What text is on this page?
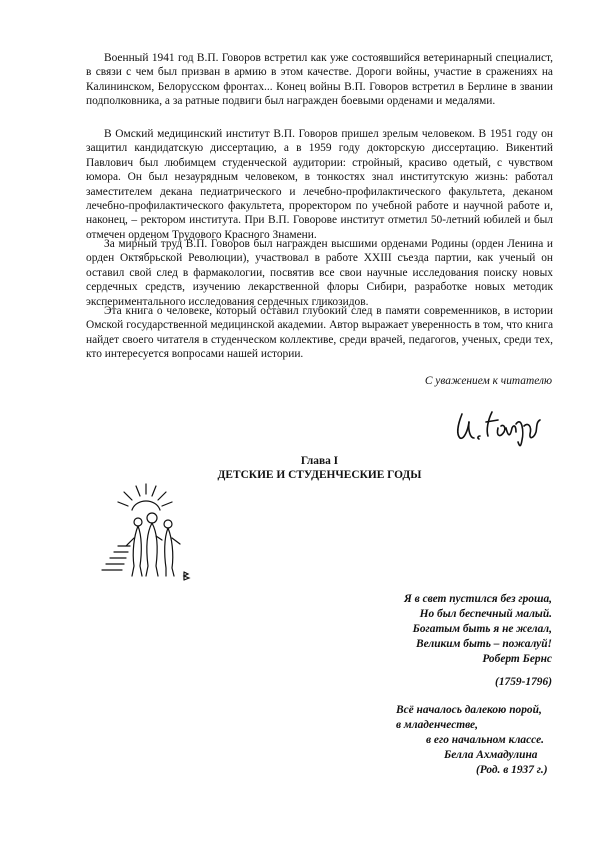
Военный 1941 год В.П. Говоров встретил как уже состоявшийся ветеринарный специалист, в связи с чем был призван в армию в этом качестве. Дороги войны, участие в сражениях на Калининском, Белорусском фронтах... Конец войны В.П. Говоров встретил в Берлине в звании подполковника, а за ратные подвиги был награжден боевыми орденами и медалями.

В Омский медицинский институт В.П. Говоров пришел зрелым человеком. В 1951 году он защитил кандидатскую диссертацию, а в 1959 году докторскую диссертацию. Викентий Павлович был любимцем студенческой аудитории: стройный, красиво одетый, с чувством юмора. Он был незаурядным человеком, в тонкостях знал институтскую жизнь: работал заместителем декана педиатрического и лечебно-профилактического факультета, деканом лечебно-профилактического факультета, проректором по учебной работе и научной работе и, наконец, – ректором института. При В.П. Говорове институт отметил 50-летний юбилей и был отмечен орденом Трудового Красного Знамени.

За мирный труд В.П. Говоров был награжден высшими орденами Родины (орден Ленина и орден Октябрьской Революции), участвовал в работе XXIII съезда партии, как ученый он оставил свой след в фармакологии, посвятив все свои научные исследования поиску новых сердечных средств, изучению лекарственной флоры Сибири, разработке новых методик экспериментального исследования сердечных гликозидов.

Эта книга о человеке, который оставил глубокий след в памяти современников, в истории Омской государственной медицинской академии. Автор выражает уверенность в том, что книга найдет своего читателя в студенческом коллективе, среди врачей, педагогов, ученых, среди тех, кто интересуется вопросами нашей истории.

С уважением к читателю
Глава I
ДЕТСКИЕ И СТУДЕНЧЕСКИЕ ГОДЫ
Я в свет пустился без гроша,
Но был беспечный малый.
Богатым быть я не желал,
Великим быть – пожалуй!
Роберт Бернс
(1759-1796)
Всё началось далекою порой,
в младенчестве,
в его начальном классе.
Белла Ахмадулина
(Род. в 1937 г.)
